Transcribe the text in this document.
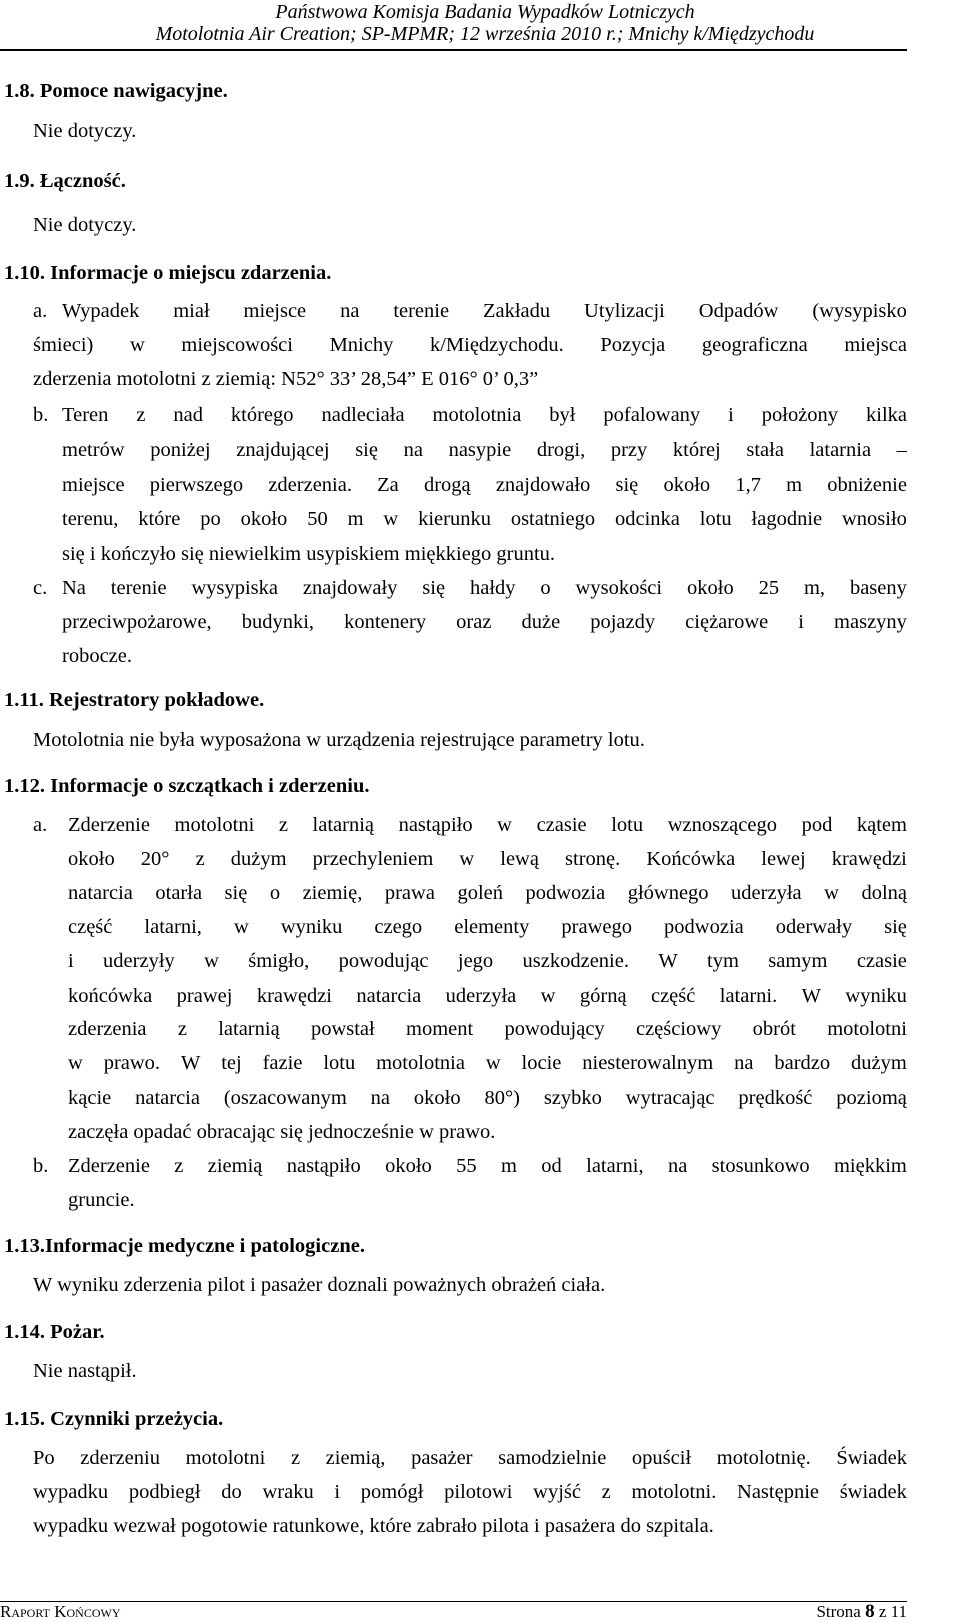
Państwowa Komisja Badania Wypadków Lotniczych
Motolotnia Air Creation; SP-MPMR; 12 września 2010 r.; Mnichy k/Międzychodu
1.8. Pomoce nawigacyjne.
Nie dotyczy.
1.9. Łączność.
Nie dotyczy.
1.10. Informacje o miejscu zdarzenia.
a. Wypadek miał miejsce na terenie Zakładu Utylizacji Odpadów (wysypisko
śmieci) w miejscowości Mnichy k/Międzychodu. Pozycja geograficzna miejsca
zderzenia motolotni z ziemią: N52° 33’ 28,54” E 016° 0’ 0,3”
b. Teren z nad którego nadleciała motolotnia był pofalowany i położony kilka
metrów poniżej znajdującej się na nasypie drogi, przy której stała latarnia –
miejsce pierwszego zderzenia. Za drogą znajdowało się około 1,7 m obniżenie
terenu, które po około 50 m w kierunku ostatniego odcinka lotu łagodnie wnosiło
się i kończyło się niewielkim usypiskiem miękkiego gruntu.
c. Na terenie wysypiska znajdowały się hałdy o wysokości około 25 m, baseny
przeciwpożarowe, budynki, kontenery oraz duże pojazdy ciężarowe i maszyny
robocze.
1.11. Rejestratory pokładowe.
Motolotnia nie była wyposażona w urządzenia rejestrujące parametry lotu.
1.12. Informacje o szczątkach i zderzeniu.
a. Zderzenie motolotni z latarnią nastąpiło w czasie lotu wznoszącego pod kątem
około 20° z dużym przechyleniem w lewą stronę. Końcówka lewej krawędzi
natarcia otarła się o ziemię, prawa goleń podwozia głównego uderzyła w dolną
część latarni, w wyniku czego elementy prawego podwozia oderwały się
i uderzyły w śmigło, powodując jego uszkodzenie. W tym samym czasie
końcówka prawej krawędzi natarcia uderzyła w górną część latarni. W wyniku
zderzenia z latarnią powstał moment powodujący częściowy obrót motolotni
w prawo. W tej fazie lotu motolotnia w locie niesterowalnym na bardzo dużym
kącie natarcia (oszacowanym na około 80°) szybko wytracając prędkość poziomą
zaczęła opadać obracając się jednocześnie w prawo.
b. Zderzenie z ziemią nastąpiło około 55 m od latarni, na stosunkowo miękkim
gruncie.
1.13.Informacje medyczne i patologiczne.
W wyniku zderzenia pilot i pasażer doznali poważnych obrażeń ciała.
1.14. Pożar.
Nie nastąpił.
1.15. Czynniki przeżycia.
Po zderzeniu motolotni z ziemią, pasażer samodzielnie opuścił motolotnię. Świadek
wypadku podbiegł do wraku i pomógł pilotowi wyjść z motolotni. Następnie świadek
wypadku wezwał pogotowie ratunkowe, które zabrało pilota i pasażera do szpitala.
Raport Końcowy	Strona 8 z 11
